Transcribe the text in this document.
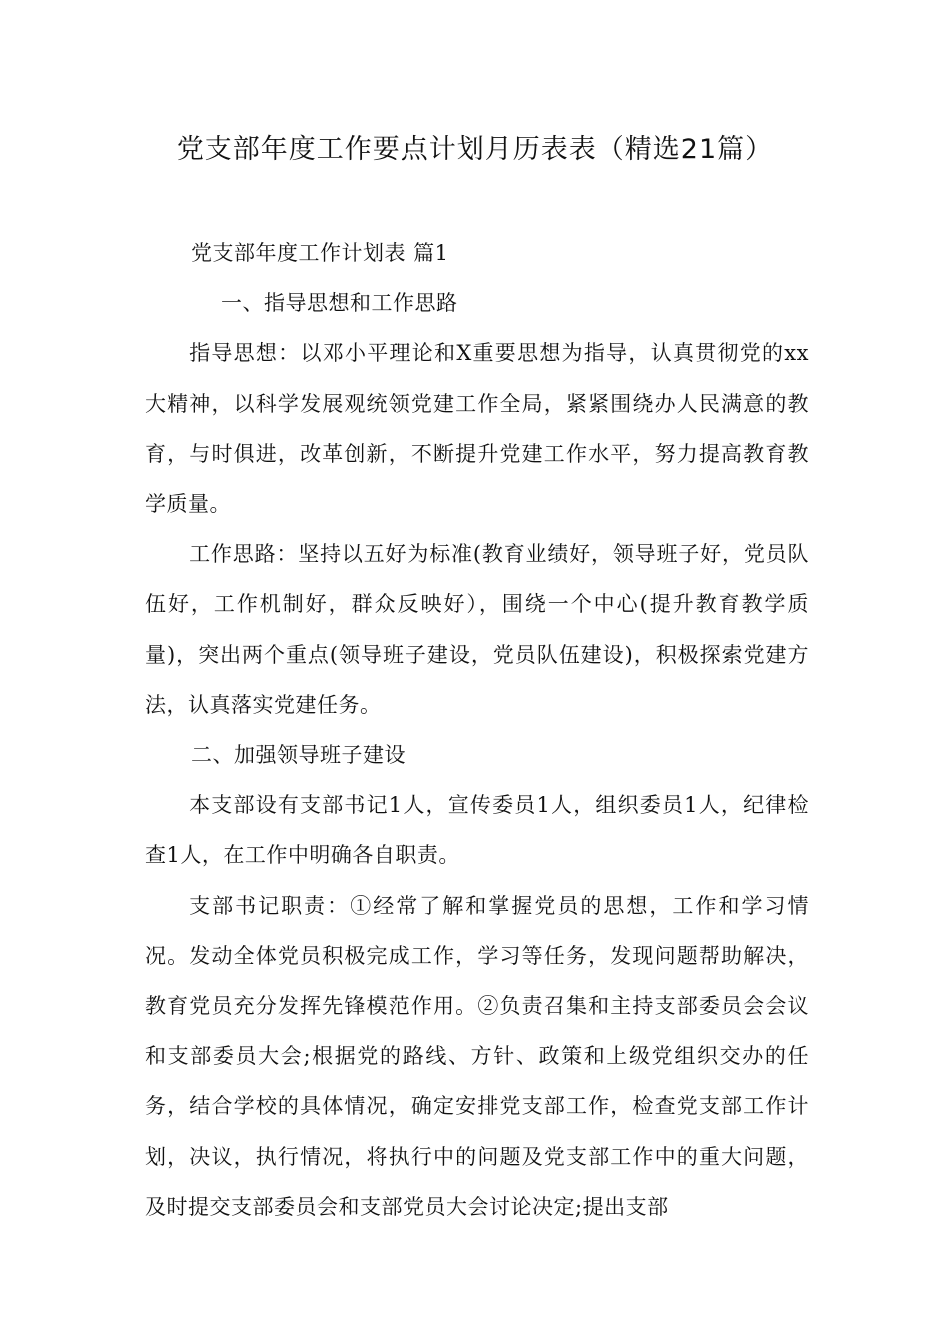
党支部年度工作要点计划月历表表（精选21篇）

党支部年度工作计划表 篇1

一、指导思想和工作思路

指导思想：以邓小平理论和X重要思想为指导，认真贯彻党的xx大精神，以科学发展观统领党建工作全局，紧紧围绕办人民满意的教育，与时俱进，改革创新，不断提升党建工作水平，努力提高教育教学质量。

工作思路：坚持以五好为标准(教育业绩好，领导班子好，党员队伍好，工作机制好，群众反映好），围绕一个中心(提升教育教学质量)，突出两个重点(领导班子建设，党员队伍建设)，积极探索党建方法，认真落实党建任务。

二、加强领导班子建设

本支部设有支部书记1人，宣传委员1人，组织委员1人，纪律检查1人，在工作中明确各自职责。

支部书记职责：①经常了解和掌握党员的思想，工作和学习情况。发动全体党员积极完成工作，学习等任务，发现问题帮助解决，教育党员充分发挥先锋模范作用。②负责召集和主持支部委员会会议和支部委员大会;根据党的路线、方针、政策和上级党组织交办的任务，结合学校的具体情况，确定安排党支部工作，检查党支部工作计划，决议，执行情况，将执行中的问题及党支部工作中的重大问题，及时提交支部委员会和支部党员大会讨论决定;提出支部
